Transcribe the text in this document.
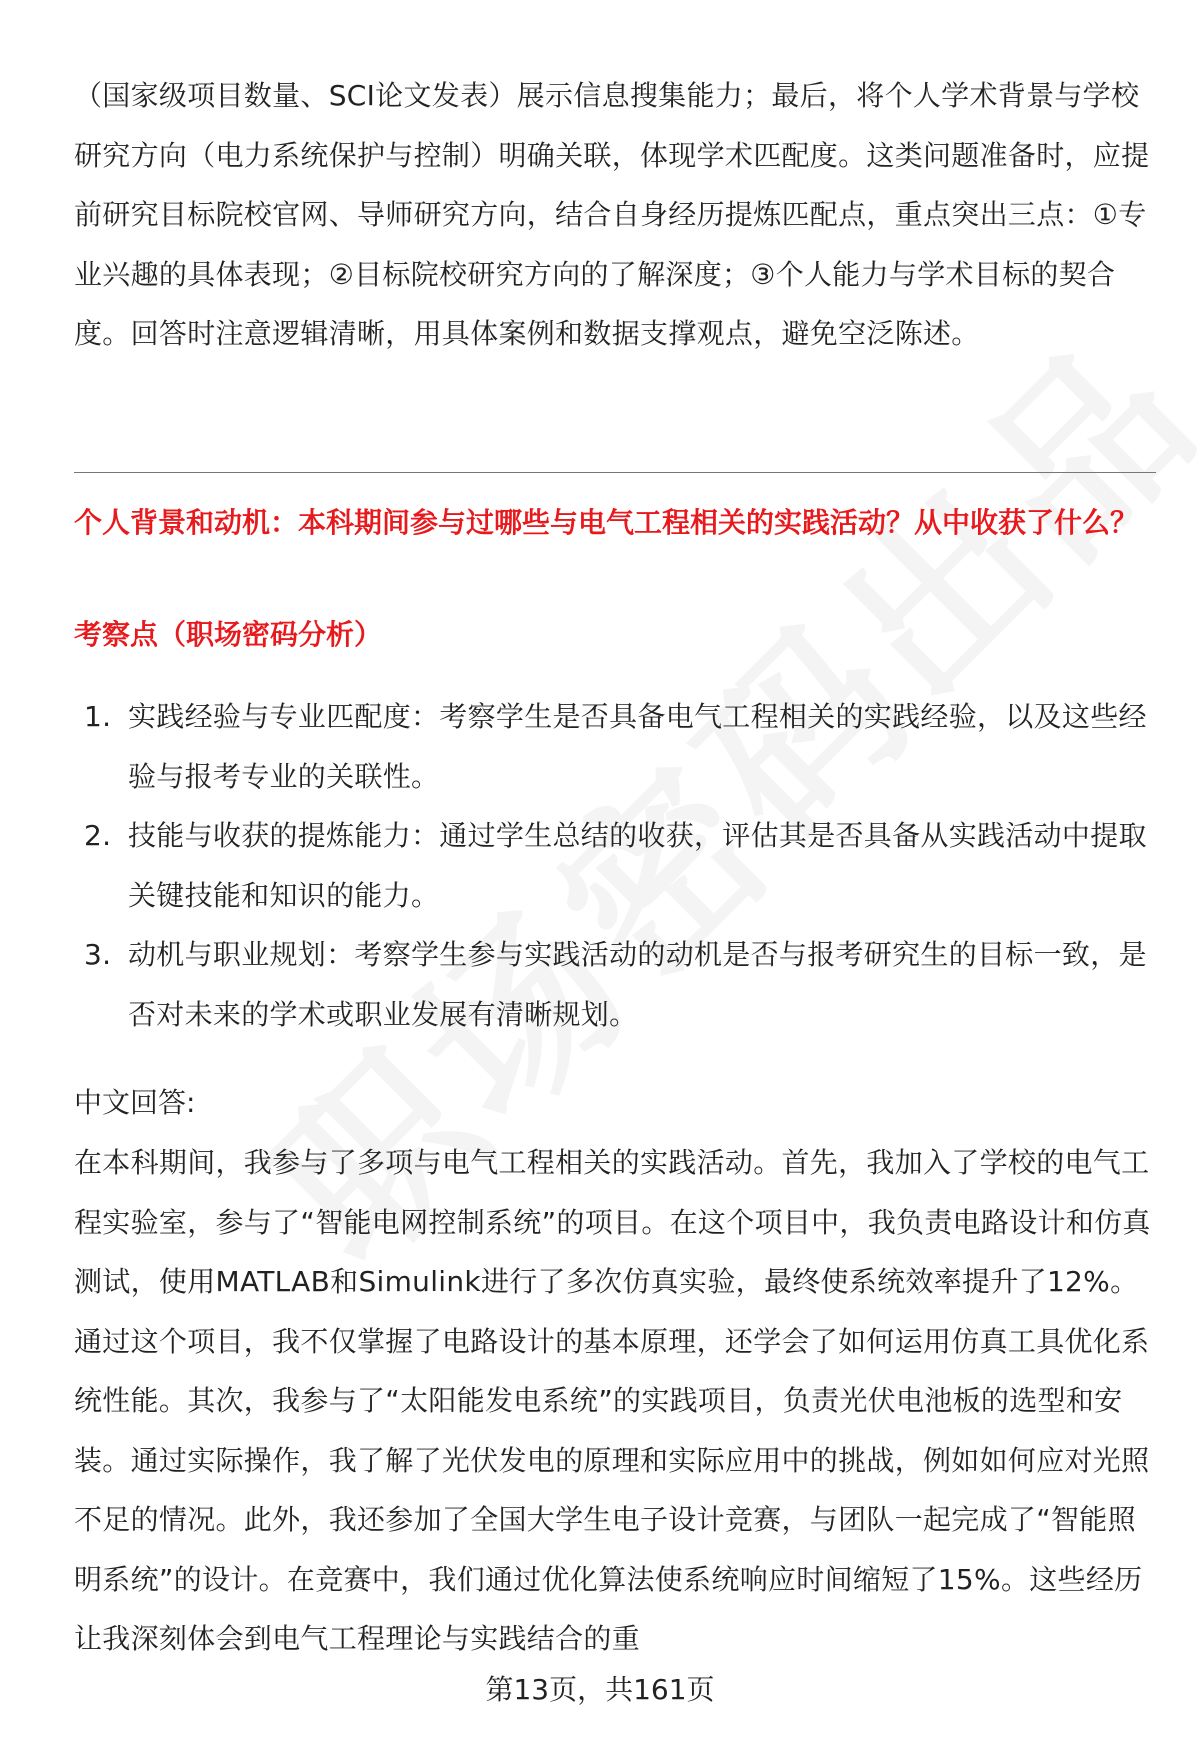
（国家级项目数量、SCI论文发表）展示信息搜集能力；最后，将个人学术背景与学校研究方向（电力系统保护与控制）明确关联，体现学术匹配度。这类问题准备时，应提前研究目标院校官网、导师研究方向，结合自身经历提炼匹配点，重点突出三点：①专业兴趣的具体表现；②目标院校研究方向的了解深度；③个人能力与学术目标的契合度。回答时注意逻辑清晰，用具体案例和数据支撑观点，避免空泛陈述。

个人背景和动机：本科期间参与过哪些与电气工程相关的实践活动？从中收获了什么？
考察点（职场密码分析）
1. 实践经验与专业匹配度：考察学生是否具备电气工程相关的实践经验，以及这些经验与报考专业的关联性。
2. 技能与收获的提炼能力：通过学生总结的收获，评估其是否具备从实践活动中提取关键技能和知识的能力。
3. 动机与职业规划：考察学生参与实践活动的动机是否与报考研究生的目标一致，是否对未来的学术或职业发展有清晰规划。

中文回答:

在本科期间，我参与了多项与电气工程相关的实践活动。首先，我加入了学校的电气工程实验室，参与了“智能电网控制系统”的项目。在这个项目中，我负责电路设计和仿真测试，使用MATLAB和Simulink进行了多次仿真实验，最终使系统效率提升了12%。通过这个项目，我不仅掌握了电路设计的基本原理，还学会了如何运用仿真工具优化系统性能。其次，我参与了“太阳能发电系统”的实践项目，负责光伏电池板的选型和安装。通过实际操作，我了解了光伏发电的原理和实际应用中的挑战，例如如何应对光照不足的情况。此外，我还参加了全国大学生电子设计竞赛，与团队一起完成了“智能照明系统”的设计。在竞赛中，我们通过优化算法使系统响应时间缩短了15%。这些经历让我深刻体会到电气工程理论与实践结合的重

第13页，共161页
